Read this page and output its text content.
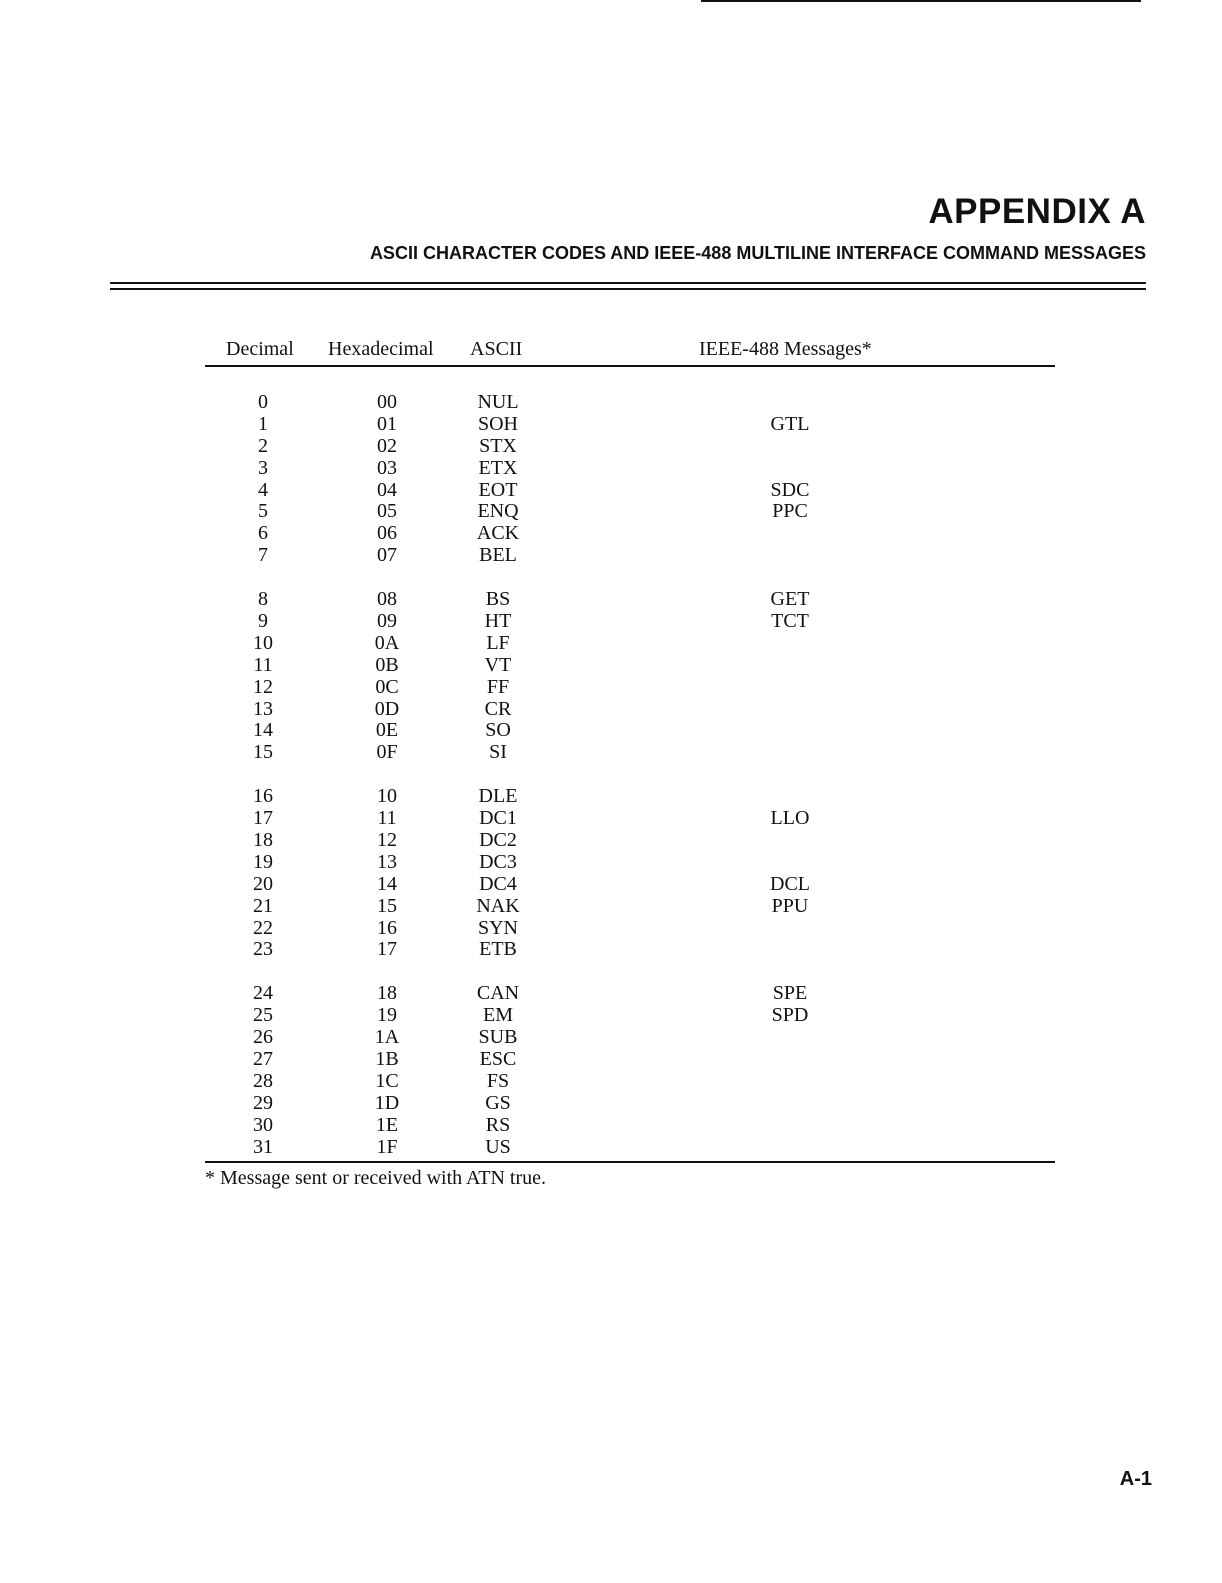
APPENDIX A
ASCII CHARACTER CODES AND IEEE-488 MULTILINE INTERFACE COMMAND MESSAGES
Decimal Hexadecimal ASCII	IEEE-488 Messages*
0	00	NUL
1	01	SOH	GTL
2	02	STX
3	03	ETX
4	04	EOT	SDC
5	05	ENQ	PPC
6	06	ACK
7	07	BEL
8	08	BS	GET
9	09	HT	TCT
10	0A	LF
11	0B	VT
12	0C	FF
13	0D	CR
14	0E	SO
15	0F	SI
16	10	DLE
17	11	DC1	LLO
18	12	DC2
19	13	DC3
20	14	DC4	DCL
21	15	NAK	PPU
22	16	SYN
23	17	ETB
24	18	CAN	SPE
25	19	EM	SPD
26	1A	SUB
27	1B	ESC
28	1C	FS
29	1D	GS
30	1E	RS
31	1F	US
* Message sent or received with ATN true.
A-1
